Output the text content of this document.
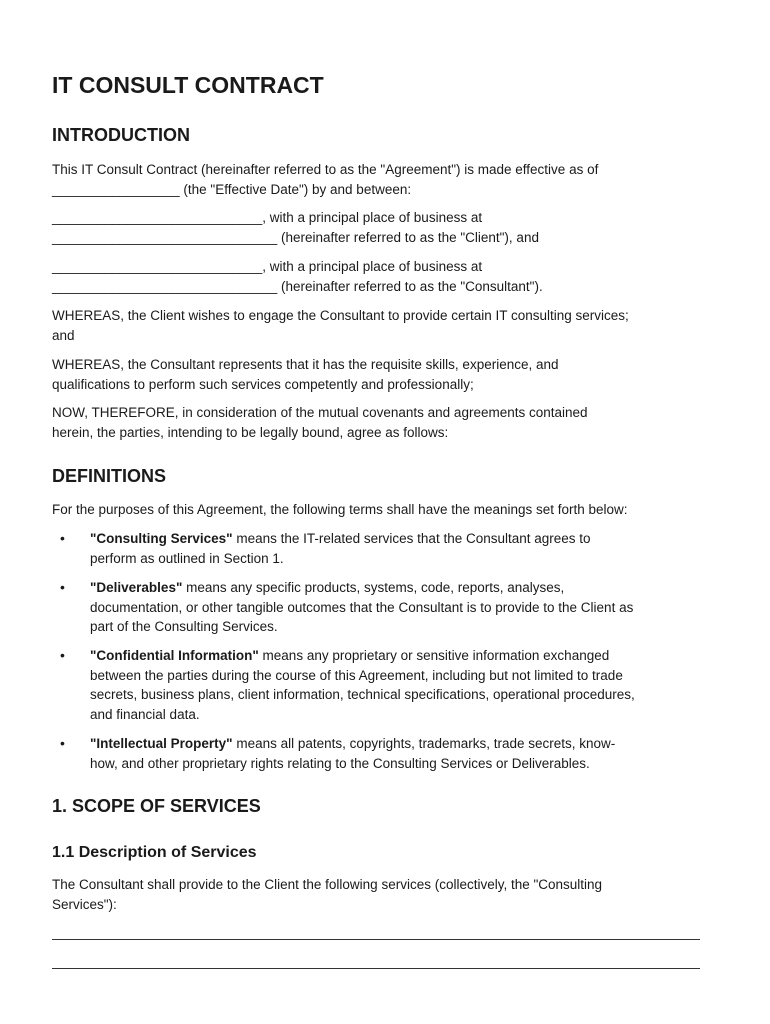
IT CONSULT CONTRACT
INTRODUCTION

This IT Consult Contract (hereinafter referred to as the "Agreement") is made effective as of
_________________ (the "Effective Date") by and between:

____________________________, with a principal place of business at
______________________________ (hereinafter referred to as the "Client"), and

____________________________, with a principal place of business at
______________________________ (hereinafter referred to as the "Consultant").

WHEREAS, the Client wishes to engage the Consultant to provide certain IT consulting services;
and

WHEREAS, the Consultant represents that it has the requisite skills, experience, and
qualifications to perform such services competently and professionally;

NOW, THEREFORE, in consideration of the mutual covenants and agreements contained
herein, the parties, intending to be legally bound, agree as follows:

DEFINITIONS

For the purposes of this Agreement, the following terms shall have the meanings set forth below:

• "Consulting Services" means the IT-related services that the Consultant agrees to
perform as outlined in Section 1.
• "Deliverables" means any specific products, systems, code, reports, analyses,
documentation, or other tangible outcomes that the Consultant is to provide to the Client as
part of the Consulting Services.
• "Confidential Information" means any proprietary or sensitive information exchanged
between the parties during the course of this Agreement, including but not limited to trade
secrets, business plans, client information, technical specifications, operational procedures,
and financial data.
• "Intellectual Property" means all patents, copyrights, trademarks, trade secrets, know-
how, and other proprietary rights relating to the Consulting Services or Deliverables.
1. SCOPE OF SERVICES
1.1 Description of Services

The Consultant shall provide to the Client the following services (collectively, the "Consulting
Services"):
